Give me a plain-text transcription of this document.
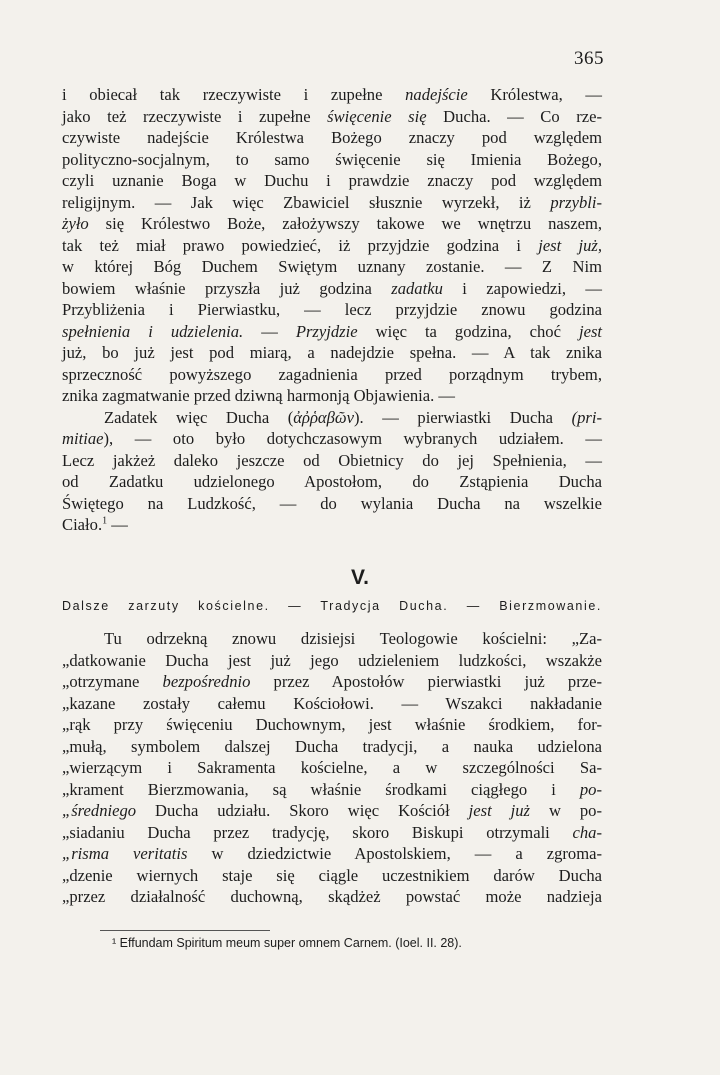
365
i obiecał tak rzeczywiste i zupełne nadejście Królestwa, —
jako też rzeczywiste i zupełne święcenie się Ducha. — Co rze-
czywiste nadejście Królestwa Bożego znaczy pod względem
polityczno-socjalnym, to samo święcenie się Imienia Bożego,
czyli uznanie Boga w Duchu i prawdzie znaczy pod względem
religijnym. — Jak więc Zbawiciel słusznie wyrzekł, iż przybli-
żyło się Królestwo Boże, założywszy takowe we wnętrzu naszem,
tak też miał prawo powiedzieć, iż przyjdzie godzina i jest już,
w której Bóg Duchem Swiętym uznany zostanie. — Z Nim
bowiem właśnie przyszła już godzina zadatku i zapowiedzi, —
Przybliżenia i Pierwiastku, — lecz przyjdzie znowu godzina
spełnienia i udzielenia. — Przyjdzie więc ta godzina, choć jest
już, bo już jest pod miarą, a nadejdzie spełna. — A tak znika
sprzeczność powyższego zagadnienia przed porządnym trybem,
znika zagmatwanie przed dziwną harmonją Objawienia. —
Zadatek więc Ducha (ἀῤῥαβῶν). — pierwiastki Ducha (pri-
mitiae), — oto było dotychczasowym wybranych udziałem. —
Lecz jakżeż daleko jeszcze od Obietnicy do jej Spełnienia, —
od Zadatku udzielonego Apostołom, do Zstąpienia Ducha
Świętego na Ludzkość, — do wylania Ducha na wszelkie
Ciało.$^1$ —
V.
Dalsze zarzuty kościelne. — Tradycja Ducha. — Bierzmowanie.
Tu odrzekną znowu dzisiejsi Teologowie kościelni: „Za-
„datkowanie Ducha jest już jego udzieleniem ludzkości, wszakże
„otrzymane bezpośrednio przez Apostołów pierwiastki już prze-
„kazane zostały całemu Kościołowi. — Wszakci nakładanie
„rąk przy święceniu Duchownym, jest właśnie środkiem, for-
„mułą, symbolem dalszej Ducha tradycji, a nauka udzielona
„wierzącym i Sakramenta kościelne, a w szczególności Sa-
„krament Bierzmowania, są właśnie środkami ciągłego i po-
„średniego Ducha udziału. Skoro więc Kościół jest już w po-
„siadaniu Ducha przez tradycję, skoro Biskupi otrzymali cha-
„risma veritatis w dziedzictwie Apostolskiem, — a zgroma-
„dzenie wiernych staje się ciągle uczestnikiem darów Ducha
„przez działalność duchowną, skądżeż powstać może nadzieja
¹ Effundam Spiritum meum super omnem Carnem. (Ioel. II. 28).
